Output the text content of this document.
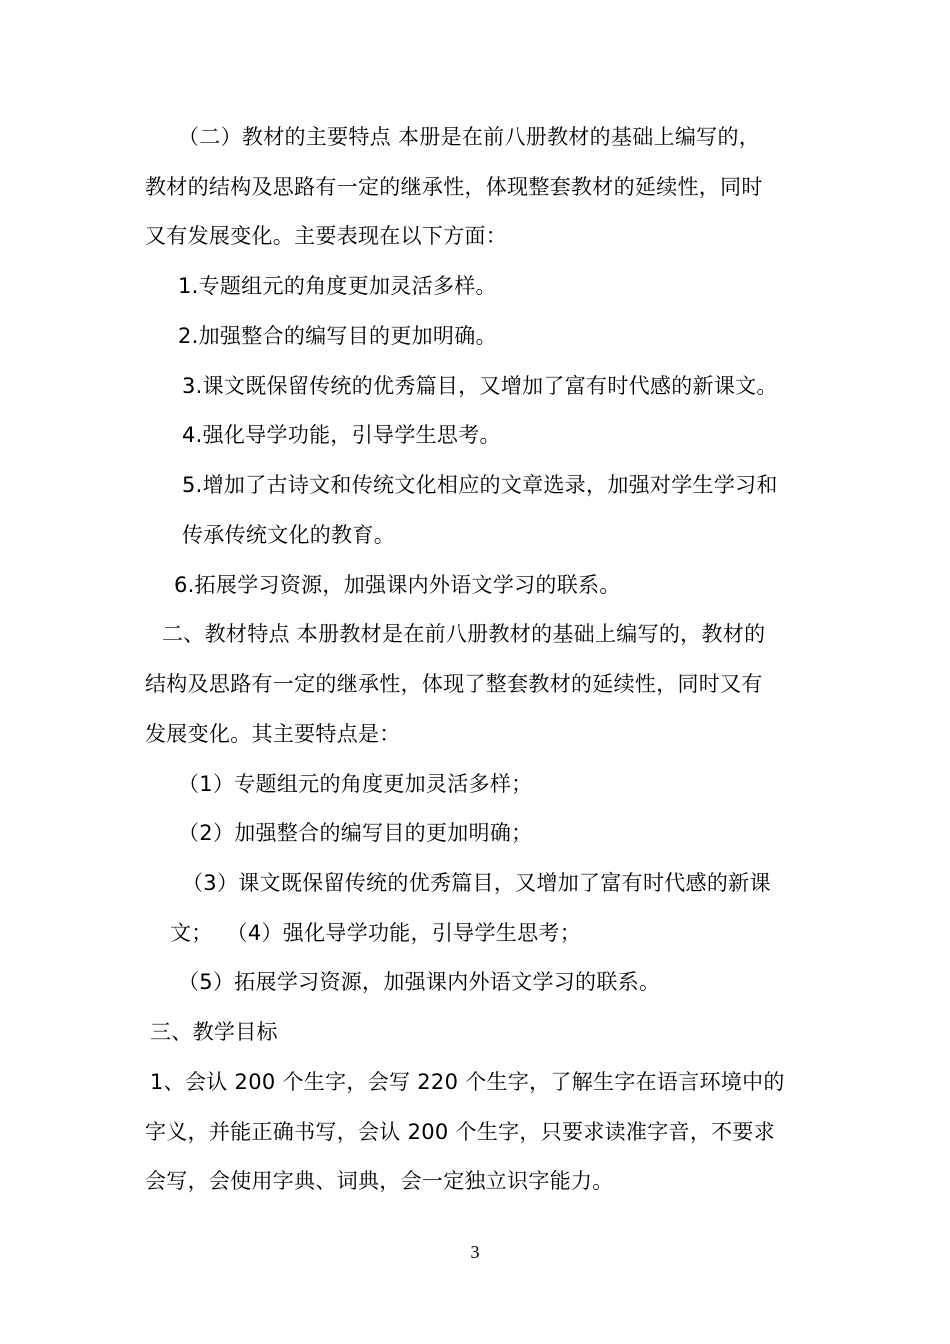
（二）教材的主要特点 本册是在前八册教材的基础上编写的，
教材的结构及思路有一定的继承性，体现整套教材的延续性，同时
又有发展变化。主要表现在以下方面：
1.专题组元的角度更加灵活多样。
2.加强整合的编写目的更加明确。
3.课文既保留传统的优秀篇目，又增加了富有时代感的新课文。
4.强化导学功能，引导学生思考。
5.增加了古诗文和传统文化相应的文章选录，加强对学生学习和
传承传统文化的教育。
6.拓展学习资源，加强课内外语文学习的联系。
二、教材特点 本册教材是在前八册教材的基础上编写的，教材的
结构及思路有一定的继承性，体现了整套教材的延续性，同时又有
发展变化。其主要特点是：
（1）专题组元的角度更加灵活多样；
（2）加强整合的编写目的更加明确；
（3）课文既保留传统的优秀篇目，又增加了富有时代感的新课
文；  （4）强化导学功能，引导学生思考；
（5）拓展学习资源，加强课内外语文学习的联系。
三、教学目标
1、会认 200 个生字，会写 220 个生字，了解生字在语言环境中的
字义，并能正确书写，会认 200 个生字，只要求读准字音，不要求
会写，会使用字典、词典，会一定独立识字能力。
3
